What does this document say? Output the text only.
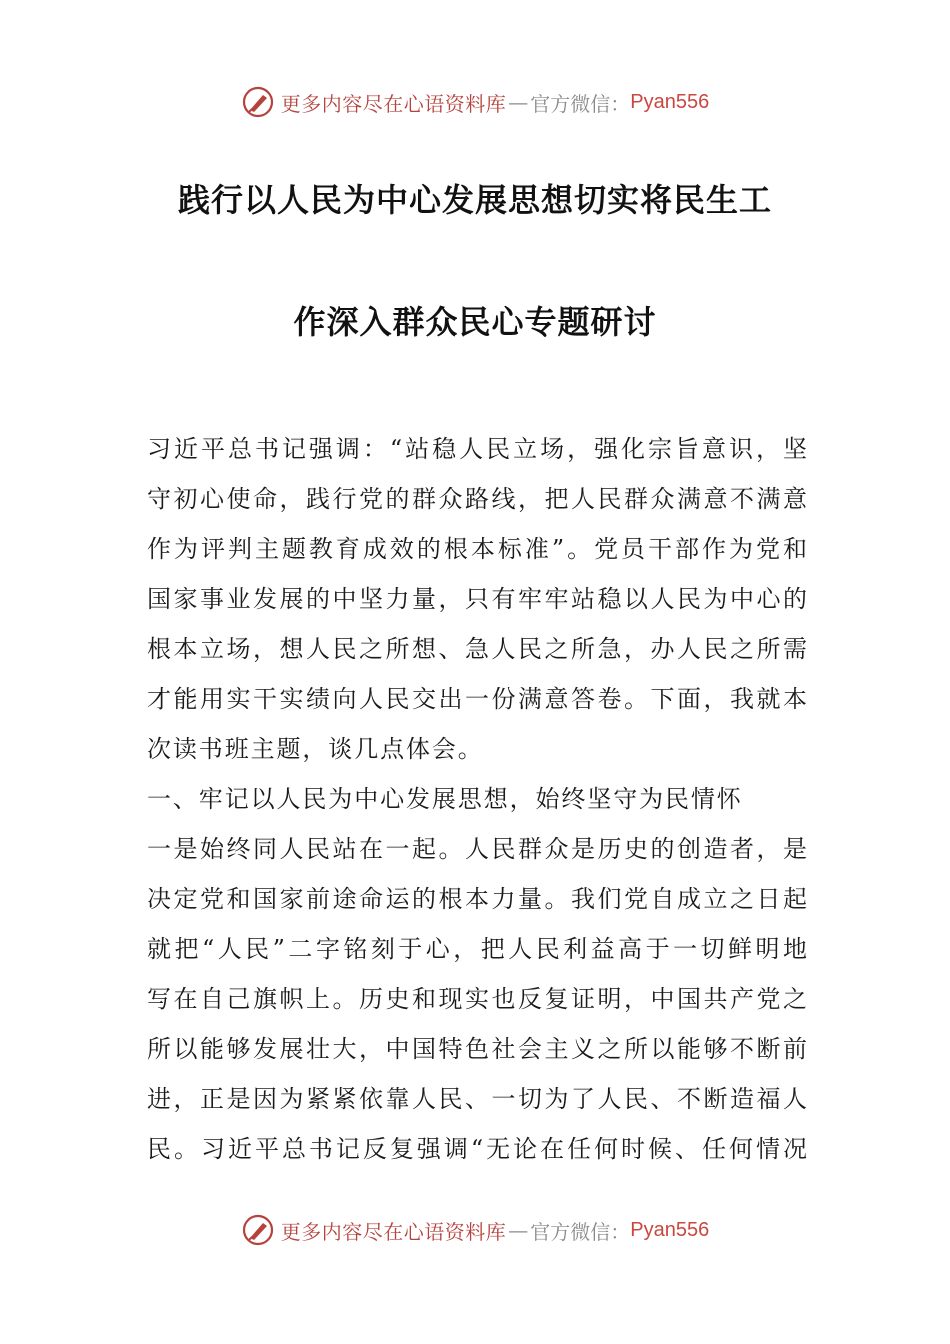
更多内容尽在心语资料库 — 官方微信： Pyan556
践行以人民为中心发展思想切实将民生工
作深入群众民心专题研讨
习近平总书记强调：“站稳人民立场，强化宗旨意识，坚
守初心使命，践行党的群众路线，把人民群众满意不满意
作为评判主题教育成效的根本标准”。党员干部作为党和
国家事业发展的中坚力量，只有牢牢站稳以人民为中心的
根本立场，想人民之所想、急人民之所急，办人民之所需
才能用实干实绩向人民交出一份满意答卷。下面，我就本
次读书班主题，谈几点体会。
一、牢记以人民为中心发展思想，始终坚守为民情怀
一是始终同人民站在一起。人民群众是历史的创造者，是
决定党和国家前途命运的根本力量。我们党自成立之日起
就把“人民”二字铭刻于心，把人民利益高于一切鲜明地
写在自己旗帜上。历史和现实也反复证明，中国共产党之
所以能够发展壮大，中国特色社会主义之所以能够不断前
进，正是因为紧紧依靠人民、一切为了人民、不断造福人
民。习近平总书记反复强调“无论在任何时候、任何情况
更多内容尽在心语资料库 — 官方微信： Pyan556
